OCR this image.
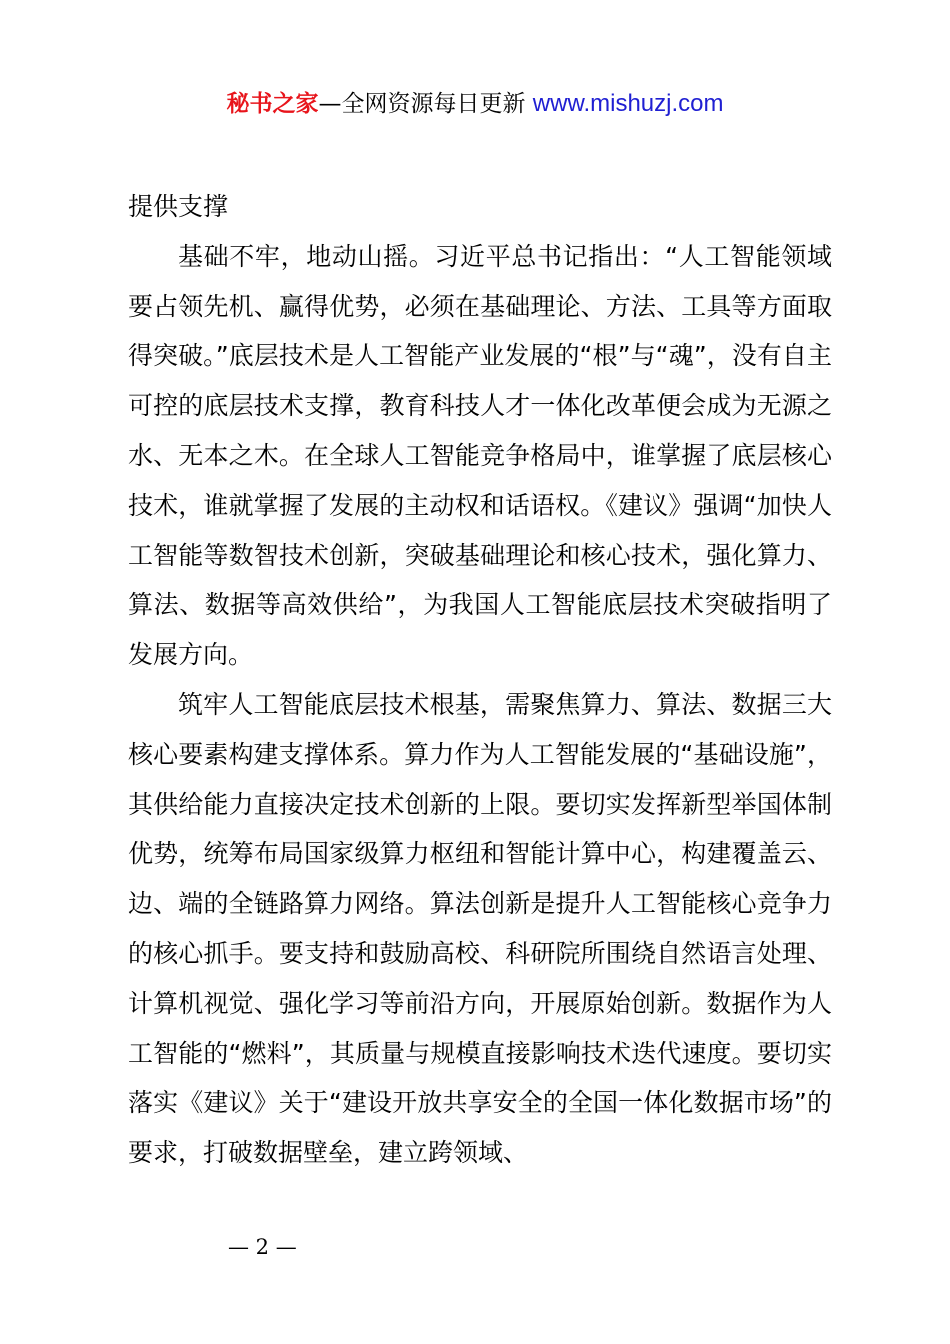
秘书之家—全网资源每日更新 www.mishuzj.com

提供支撑

基础不牢，地动山摇。习近平总书记指出：“人工智能领域要占领先机、赢得优势，必须在基础理论、方法、工具等方面取得突破。”底层技术是人工智能产业发展的“根”与“魂”，没有自主可控的底层技术支撑，教育科技人才一体化改革便会成为无源之水、无本之木。在全球人工智能竞争格局中，谁掌握了底层核心技术，谁就掌握了发展的主动权和话语权。《建议》强调“加快人工智能等数智技术创新，突破基础理论和核心技术，强化算力、算法、数据等高效供给”，为我国人工智能底层技术突破指明了发展方向。

筑牢人工智能底层技术根基，需聚焦算力、算法、数据三大核心要素构建支撑体系。算力作为人工智能发展的“基础设施”，其供给能力直接决定技术创新的上限。要切实发挥新型举国体制优势，统筹布局国家级算力枢纽和智能计算中心，构建覆盖云、边、端的全链路算力网络。算法创新是提升人工智能核心竞争力的核心抓手。要支持和鼓励高校、科研院所围绕自然语言处理、计算机视觉、强化学习等前沿方向，开展原始创新。数据作为人工智能的“燃料”，其质量与规模直接影响技术迭代速度。要切实落实《建议》关于“建设开放共享安全的全国一体化数据市场”的要求，打破数据壁垒，建立跨领域、

— 2 —
